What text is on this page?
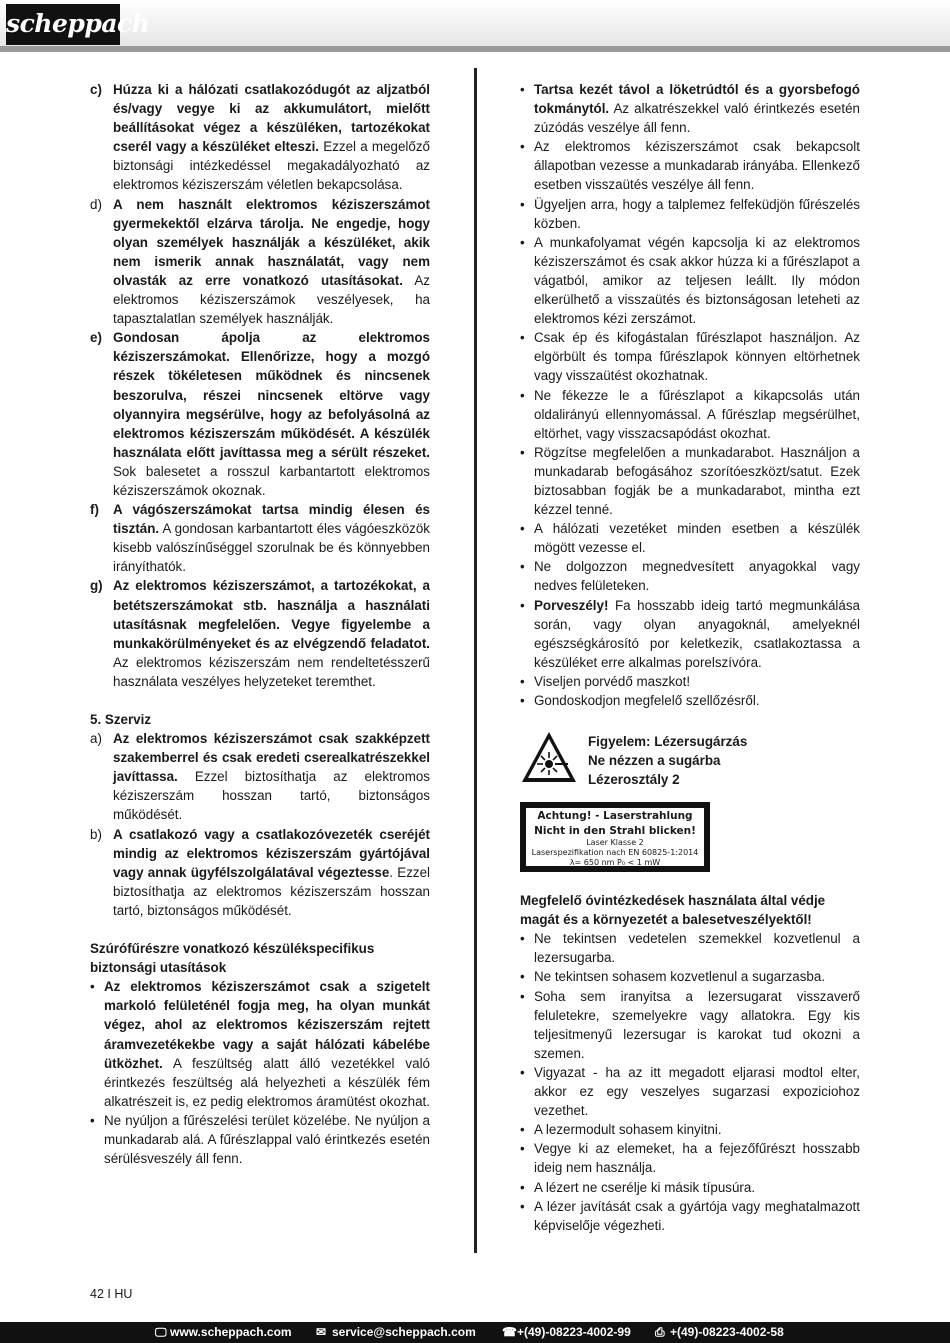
scheppach
c) Húzza ki a hálózati csatlakozódugót az aljzatból és/vagy vegye ki az akkumulátort, mielőtt beállításokat végez a készüléken, tartozékokat cserél vagy a készüléket elteszi. Ezzel a megelőző biztonsági intézkedéssel megakadályozható az elektromos kéziszerszám véletlen bekapcsolása.
d) A nem használt elektromos kéziszerszámot gyermekektől elzárva tárolja. Ne engedje, hogy olyan személyek használják a készüléket, akik nem ismerik annak használatát, vagy nem olvasták az erre vonatkozó utasításokat. Az elektromos kéziszerszámok veszélyesek, ha tapasztalatlan személyek használják.
e) Gondosan ápolja az elektromos kéziszerszámokat. Ellenőrizze, hogy a mozgó részek tökéletesen működnek és nincsenek beszorulva, részei nincsenek eltörve vagy olyannyira megsérülve, hogy az befolyásolná az elektromos kéziszerszám működését. A készülék használata előtt javíttassa meg a sérült részeket. Sok balesetet a rosszul karbantartott elektromos kéziszerszámok okoznak.
f) A vágószerszámokat tartsa mindig élesen és tisztán. A gondosan karbantartott éles vágóeszközök kisebb valószínűséggel szorulnak be és könnyebben irányíthatók.
g) Az elektromos kéziszerszámot, a tartozékokat, a betétszerszámokat stb. használja a használati utasításnak megfelelően. Vegye figyelembe a munkakörülményeket és az elvégzendő feladatot. Az elektromos kéziszerszám nem rendeltetésszerű használata veszélyes helyzeteket teremthet.
5. Szerviz
a) Az elektromos kéziszerszámot csak szakképzett szakemberrel és csak eredeti cserealkatrészekkel javíttassa. Ezzel biztosíthatja az elektromos kéziszerszám hosszan tartó, biztonságos működését.
b) A csatlakozó vagy a csatlakozóvezeték cseréjét mindig az elektromos kéziszerszám gyártójával vagy annak ügyfélszolgálatával végeztesse. Ezzel biztosíthatja az elektromos kéziszerszám hosszan tartó, biztonságos működését.
Szúrófűrészre vonatkozó készülékspecifikus biztonsági utasítások
• Az elektromos kéziszerszámot csak a szigetelt markoló felületénél fogja meg, ha olyan munkát végez, ahol az elektromos kéziszerszám rejtett áramvezetékekbe vagy a saját hálózati kábelébe ütközhet. A feszültség alatt álló vezetékkel való érintkezés feszültség alá helyezheti a készülék fém alkatrészeit is, ez pedig elektromos áramütést okozhat.
• Ne nyúljon a fűrészelési terület közelébe. Ne nyúljon a munkadarab alá. A fűrészlappal való érintkezés esetén sérülésveszély áll fenn.
• Tartsa kezét távol a löketrúdtól és a gyorsbefogó tokmánytól. Az alkatrészekkel való érintkezés esetén zúzódás veszélye áll fenn.
• Az elektromos kéziszerszámot csak bekapcsolt állapotban vezesse a munkadarab irányába. Ellenkező esetben visszaütés veszélye áll fenn.
• Ügyeljen arra, hogy a talplemez felfeküdjön fűrészelés közben.
• A munkafolyamat végén kapcsolja ki az elektromos kéziszerszámot és csak akkor húzza ki a fűrészlapot a vágatból, amikor az teljesen leállt. Ily módon elkerülhető a visszaütés és biztonságosan leteheti az elektromos kézi zerszámot.
• Csak ép és kifogástalan fűrészlapot használjon. Az elgörbült és tompa fűrészlapok könnyen eltörhetnek vagy visszaütést okozhatnak.
• Ne fékezze le a fűrészlapot a kikapcsolás után oldalirányú ellennyomással. A fűrészlap megsérülhet, eltörhet, vagy visszacsapódást okozhat.
• Rögzítse megfelelően a munkadarabot. Használjon a munkadarab befogásához szorítóeszközt/satut. Ezek biztosabban fogják be a munkadarabot, mintha ezt kézzel tenné.
• A hálózati vezetéket minden esetben a készülék mögött vezesse el.
• Ne dolgozzon megnedvesített anyagokkal vagy nedves felületeken.
• Porveszély! Fa hosszabb ideig tartó megmunkálása során, vagy olyan anyagoknál, amelyeknél egészségkárosító por keletkezik, csatlakoztassa a készüléket erre alkalmas porelszívóra.
• Viseljen porvédő maszkot!
• Gondoskodjon megfelelő szellőzésről.
Figyelem: Lézersugárzás
Ne nézzen a sugárba
Lézerosztály 2
Achtung! - Laserstrahlung
Nicht in den Strahl blicken!
Laser Klasse 2
Laserspezifikation nach EN 60825-1:2014
λ= 650 nm P₀ < 1 mW
Megfelelő óvintézkedések használata által védje magát és a környezetét a balesetveszélyektől!
• Ne tekintsen vedetelen szemekkel kozvetlenul a lezersugarba.
• Ne tekintsen sohasem kozvetlenul a sugarzasba.
• Soha sem iranyitsa a lezersugarat visszaverő feluletekre, szemelyekre vagy allatokra. Egy kis teljesitmenyű lezersugar is karokat tud okozni a szemen.
• Vigyazat - ha az itt megadott eljarasi modtol elter, akkor ez egy veszelyes sugarzasi expoziciohoz vezethet.
• A lezermodult sohasem kinyitni.
• Vegye ki az elemeket, ha a fejezőfűrészt hosszabb ideig nem használja.
• A lézert ne cserélje ki másik típusúra.
• A lézer javítását csak a gyártója vagy meghatalmazott képviselője végezheti.
42 I HU
🖵 www.scheppach.com ✉ service@scheppach.com ☎ +(49)-08223-4002-99 ⎙ +(49)-08223-4002-58
